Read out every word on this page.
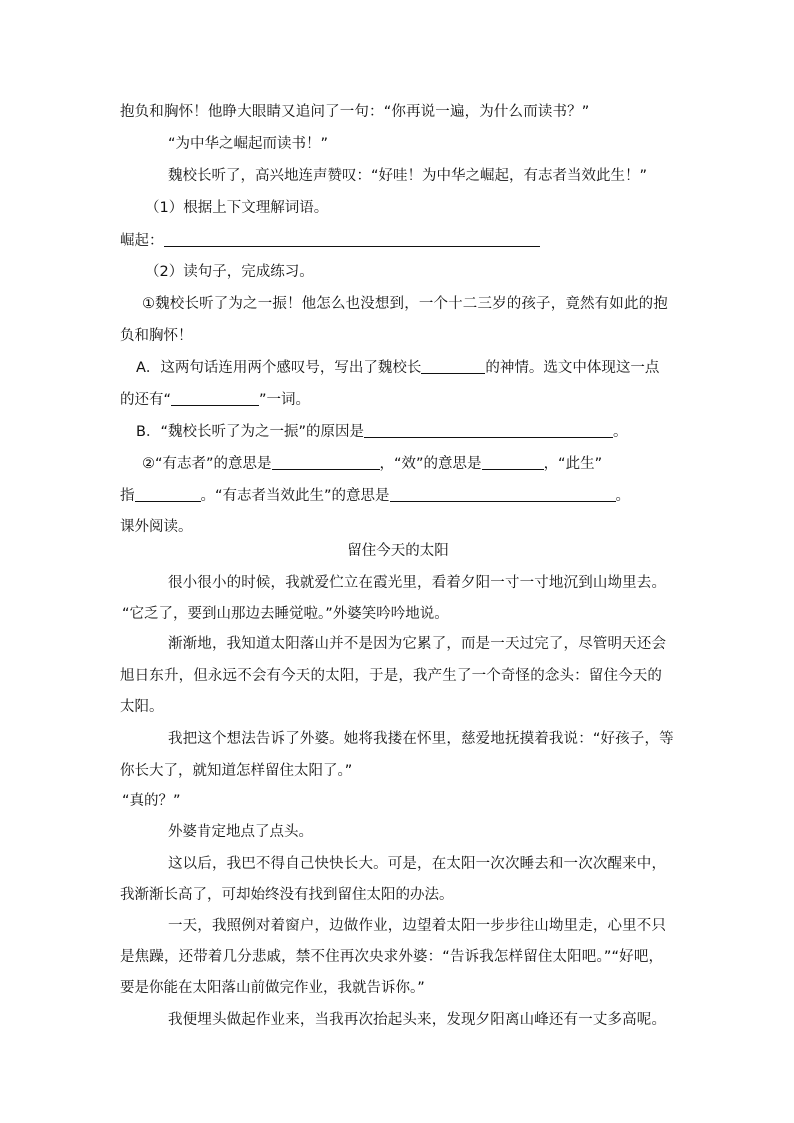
抱负和胸怀！他睁大眼睛又追问了一句：“你再说一遍，为什么而读书？”
“为中华之崛起而读书！”
魏校长听了，高兴地连声赞叹：“好哇！为中华之崛起，有志者当效此生！”
（1）根据上下文理解词语。
崛起：
（2）读句子，完成练习。
①魏校长听了为之一振！他怎么也没想到，一个十二三岁的孩子，竟然有如此的抱
负和胸怀！
A．这两句话连用两个感叹号，写出了魏校长	的神情。选文中体现这一点
的还有“	”一词。
B．“魏校长听了为之一振”的原因是	。
②“有志者”的意思是	，“效”的意思是	，“此生”
指	。“有志者当效此生”的意思是	。
课外阅读。
留住今天的太阳
很小很小的时候，我就爱伫立在霞光里，看着夕阳一寸一寸地沉到山坳里去。
“它乏了，要到山那边去睡觉啦。”外婆笑吟吟地说。
渐渐地，我知道太阳落山并不是因为它累了，而是一天过完了，尽管明天还会
旭日东升，但永远不会有今天的太阳，于是，我产生了一个奇怪的念头：留住今天的
太阳。
我把这个想法告诉了外婆。她将我搂在怀里，慈爱地抚摸着我说：“好孩子，等
你长大了，就知道怎样留住太阳了。”
“真的？”
外婆肯定地点了点头。
这以后，我巴不得自己快快长大。可是，在太阳一次次睡去和一次次醒来中，
我渐渐长高了，可却始终没有找到留住太阳的办法。
一天，我照例对着窗户，边做作业，边望着太阳一步步往山坳里走，心里不只
是焦躁，还带着几分悲戚，禁不住再次央求外婆：“告诉我怎样留住太阳吧。”“好吧，
要是你能在太阳落山前做完作业，我就告诉你。”
我便埋头做起作业来，当我再次抬起头来，发现夕阳离山峰还有一丈多高呢。
